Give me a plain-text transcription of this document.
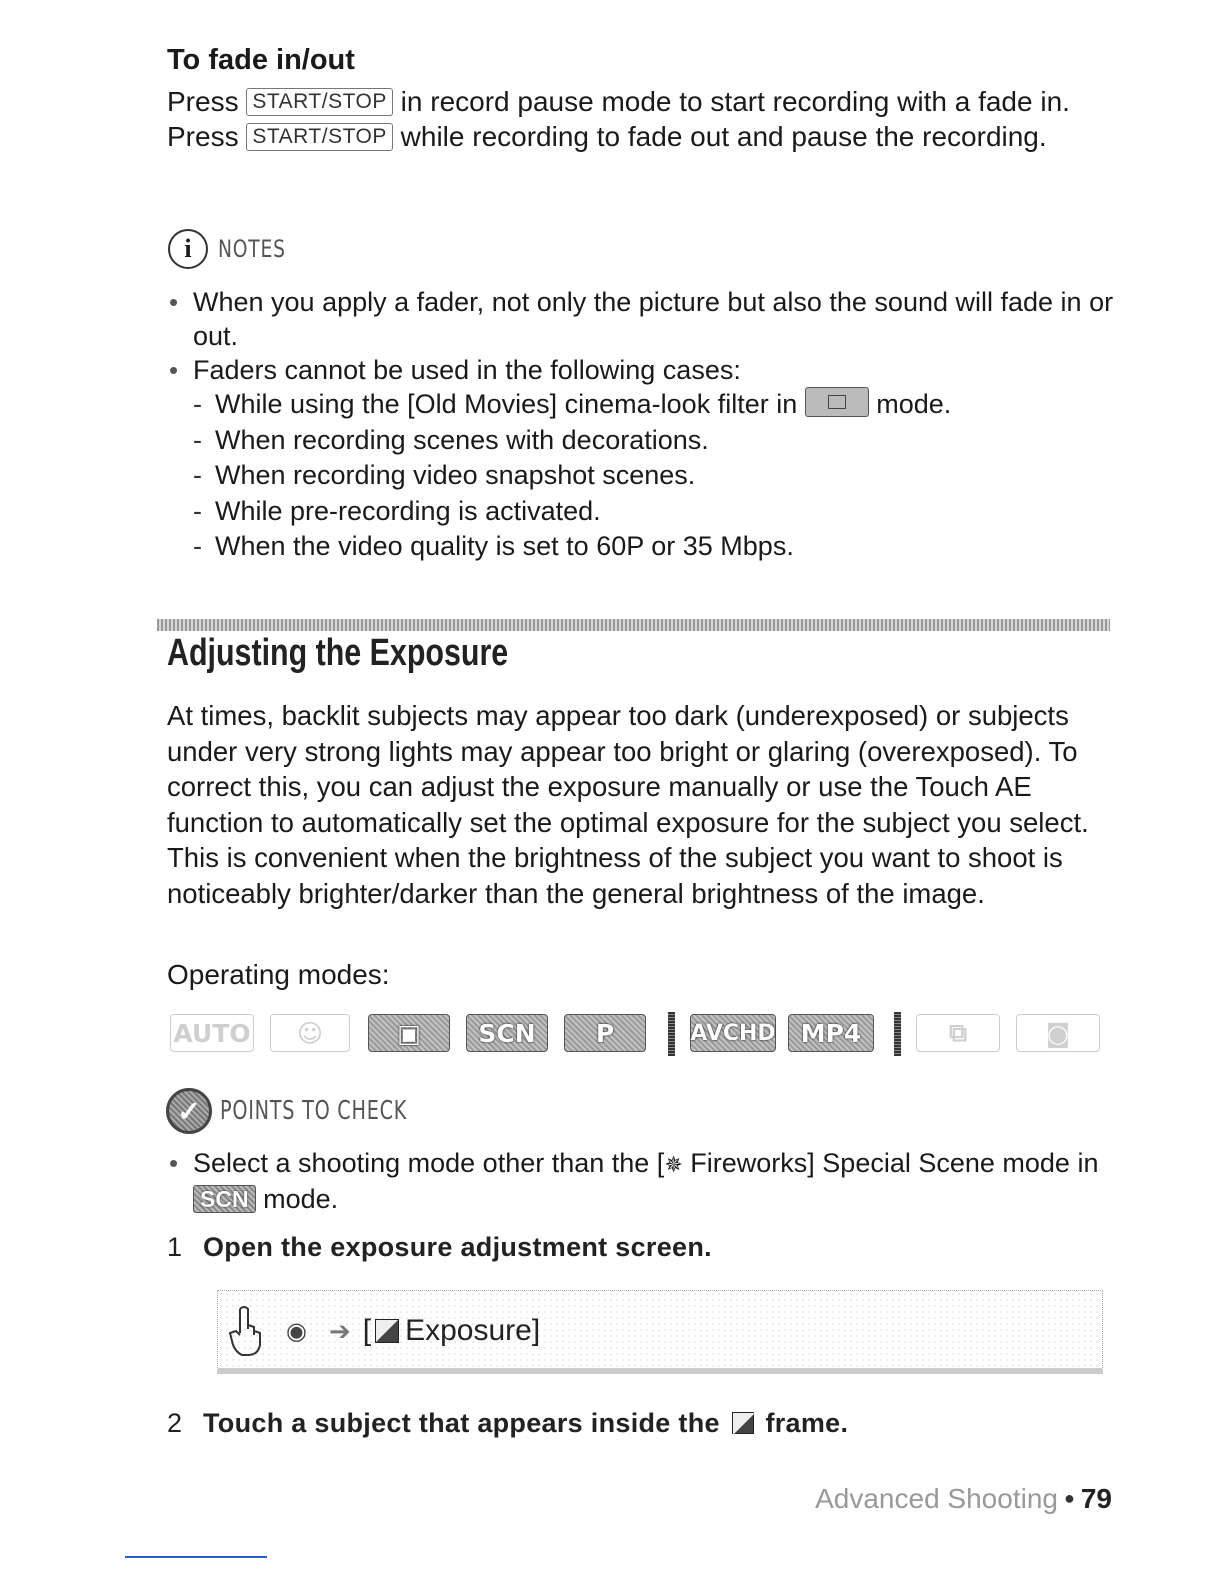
To fade in/out
Press START/STOP in record pause mode to start recording with a fade in. Press START/STOP while recording to fade out and pause the recording.
i	NOTES
• When you apply a fader, not only the picture but also the sound will fade in or out.
• Faders cannot be used in the following cases:
- While using the [Old Movies] cinema-look filter in	mode.
- When recording scenes with decorations.
- When recording video snapshot scenes.
- While pre-recording is activated.
- When the video quality is set to 60P or 35 Mbps.
Adjusting the Exposure
At times, backlit subjects may appear too dark (underexposed) or subjects under very strong lights may appear too bright or glaring (overexposed). To correct this, you can adjust the exposure manually or use the Touch AE function to automatically set the optimal exposure for the subject you select. This is convenient when the brightness of the subject you want to shoot is noticeably brighter/darker than the general brightness of the image.
Operating modes:
AUTO	☺	▣	SCN	P	AVCHD MP4	⧉	◙
✓ POINTS TO CHECK
• Select a shooting mode other than the [✵ Fireworks] Special Scene mode in SCN mode.
1 Open the exposure adjustment screen.
◉ ➔ [ Exposure]
2 Touch a subject that appears inside the frame.
Advanced Shooting ● 79
